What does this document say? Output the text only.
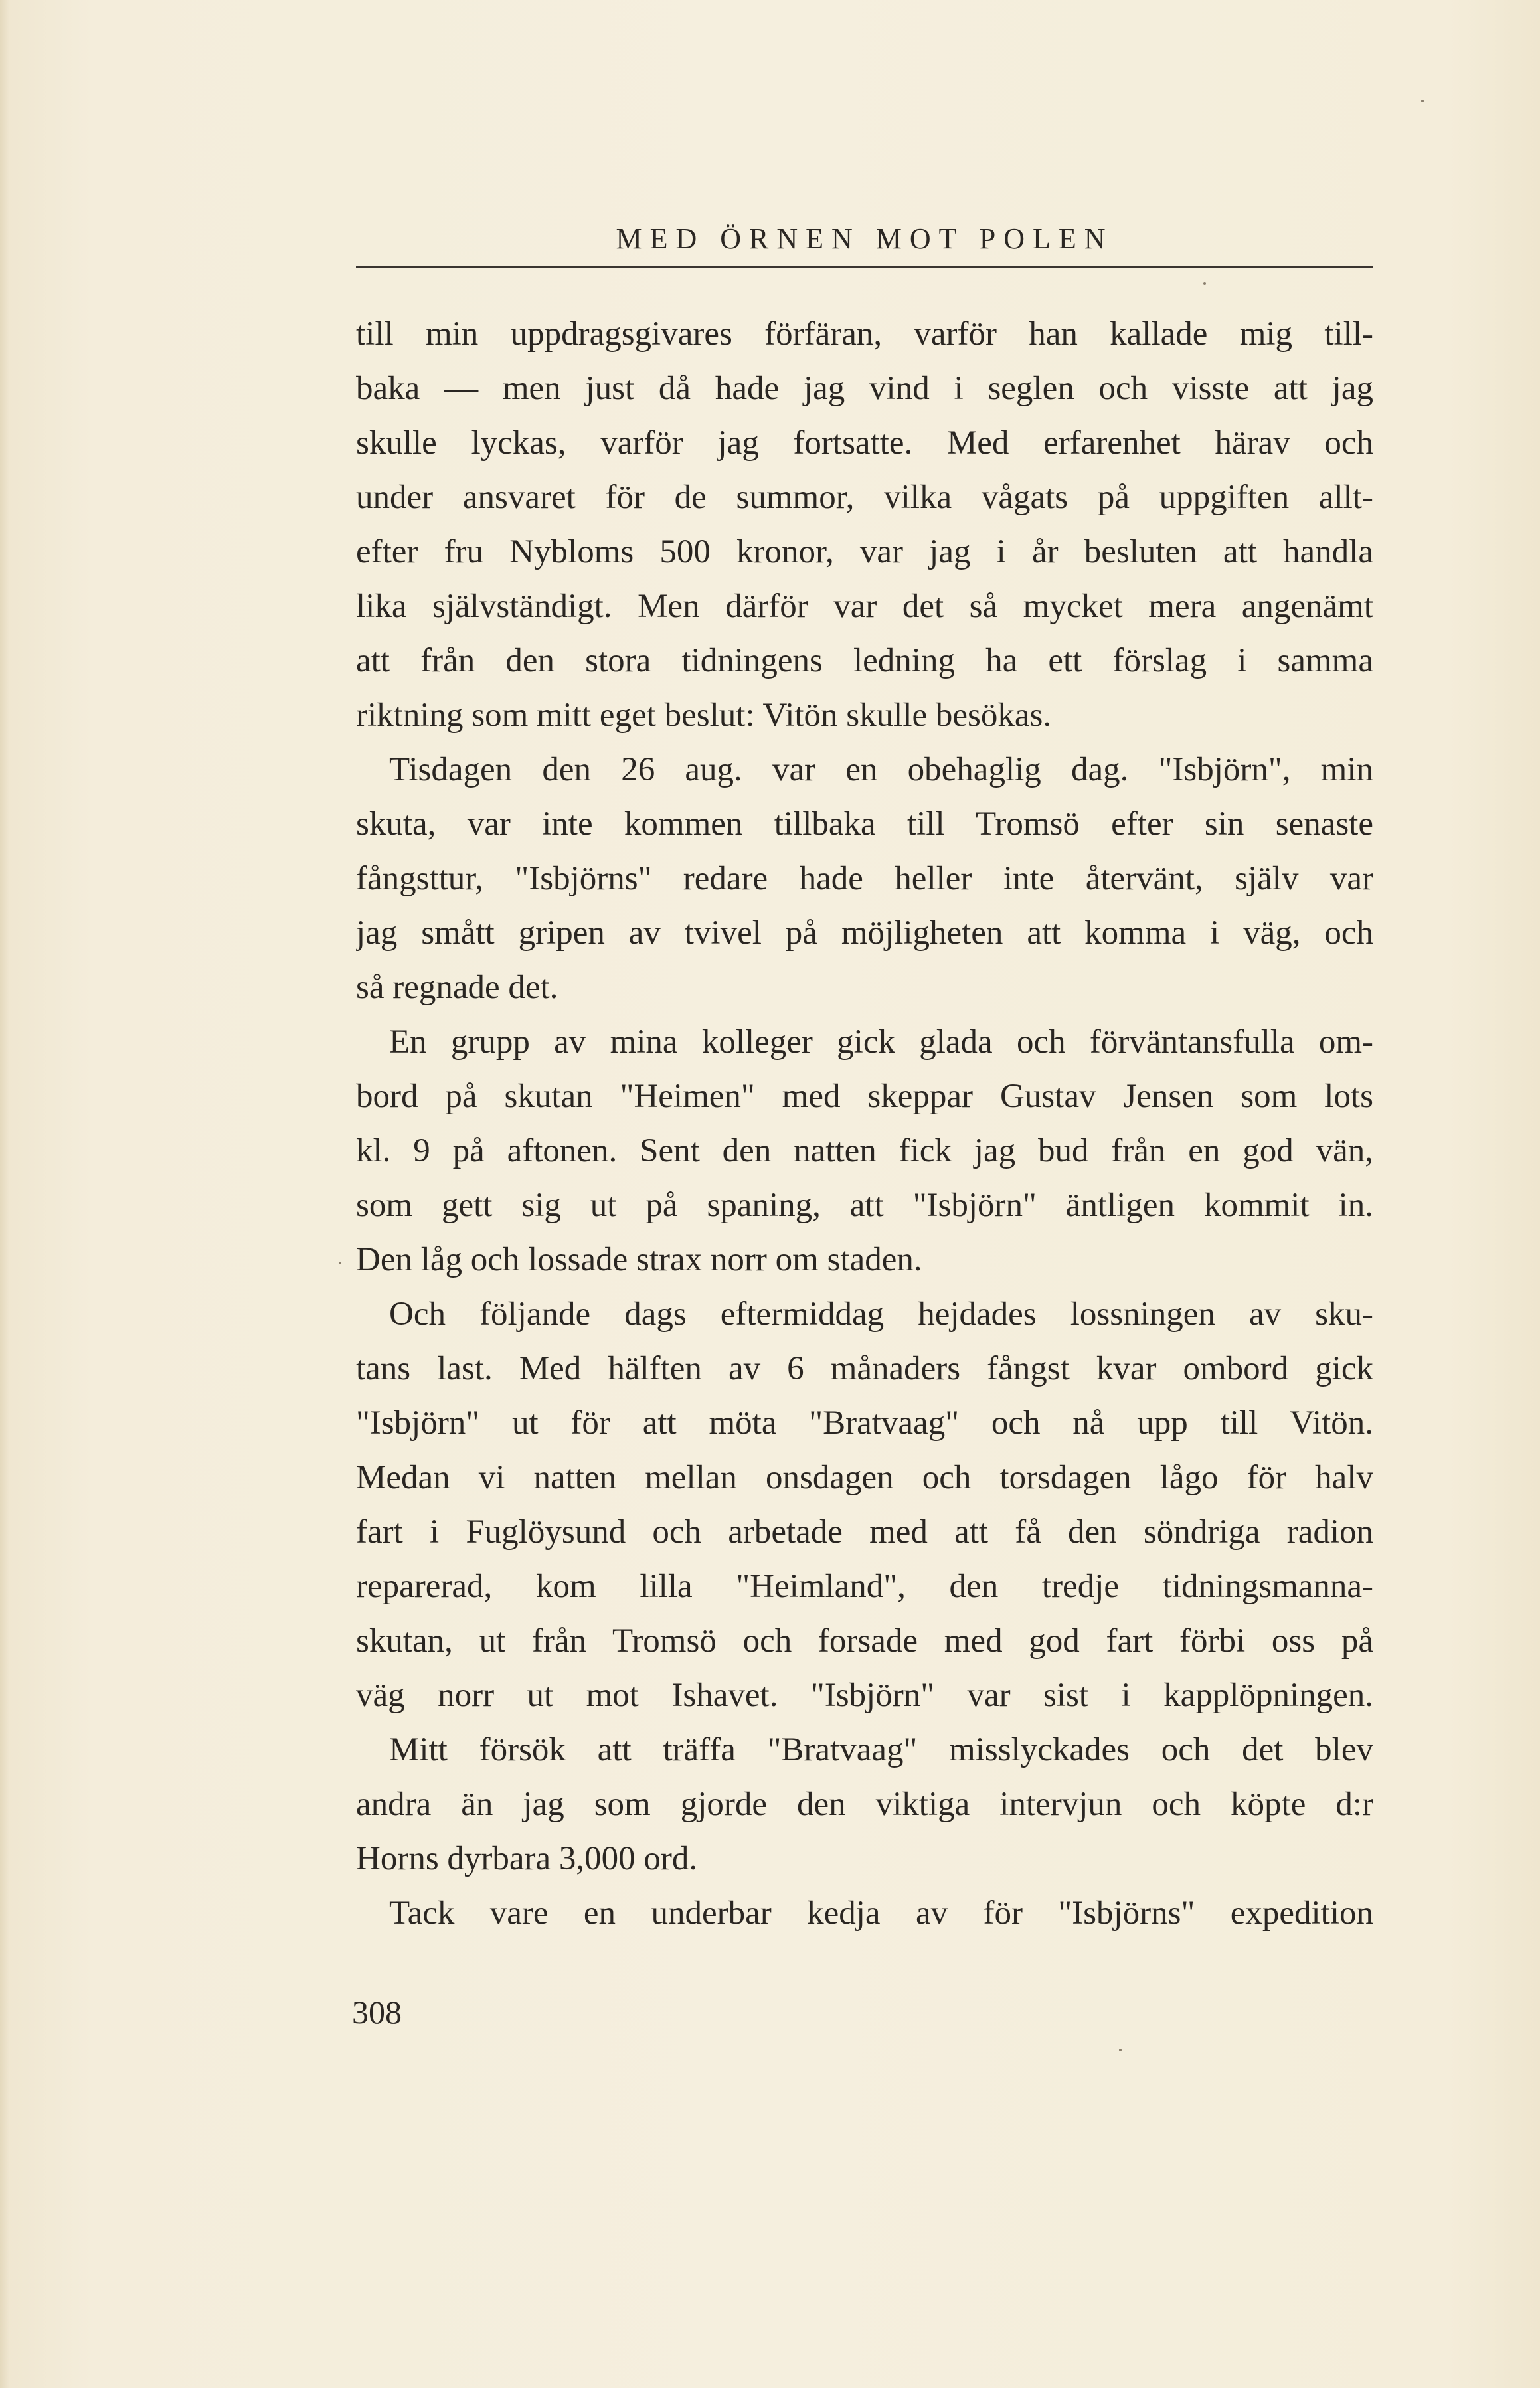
MED ÖRNEN MOT POLEN
till min uppdragsgivares förfäran, varför han kallade mig till-
baka — men just då hade jag vind i seglen och visste att jag
skulle lyckas, varför jag fortsatte. Med erfarenhet härav och
under ansvaret för de summor, vilka vågats på uppgiften allt-
efter fru Nybloms 500 kronor, var jag i år besluten att handla
lika självständigt. Men därför var det så mycket mera angenämt
att från den stora tidningens ledning ha ett förslag i samma
riktning som mitt eget beslut: Vitön skulle besökas.
Tisdagen den 26 aug. var en obehaglig dag. "Isbjörn", min
skuta, var inte kommen tillbaka till Tromsö efter sin senaste
fångsttur, "Isbjörns" redare hade heller inte återvänt, själv var
jag smått gripen av tvivel på möjligheten att komma i väg, och
så regnade det.
En grupp av mina kolleger gick glada och förväntansfulla om-
bord på skutan "Heimen" med skeppar Gustav Jensen som lots
kl. 9 på aftonen. Sent den natten fick jag bud från en god vän,
som gett sig ut på spaning, att "Isbjörn" äntligen kommit in.
Den låg och lossade strax norr om staden.
Och följande dags eftermiddag hejdades lossningen av sku-
tans last. Med hälften av 6 månaders fångst kvar ombord gick
"Isbjörn" ut för att möta "Bratvaag" och nå upp till Vitön.
Medan vi natten mellan onsdagen och torsdagen lågo för halv
fart i Fuglöysund och arbetade med att få den söndriga radion
reparerad, kom lilla "Heimland", den tredje tidningsmanna-
skutan, ut från Tromsö och forsade med god fart förbi oss på
väg norr ut mot Ishavet. "Isbjörn" var sist i kapplöpningen.
Mitt försök att träffa "Bratvaag" misslyckades och det blev
andra än jag som gjorde den viktiga intervjun och köpte d:r
Horns dyrbara 3,000 ord.
Tack vare en underbar kedja av för "Isbjörns" expedition
308
